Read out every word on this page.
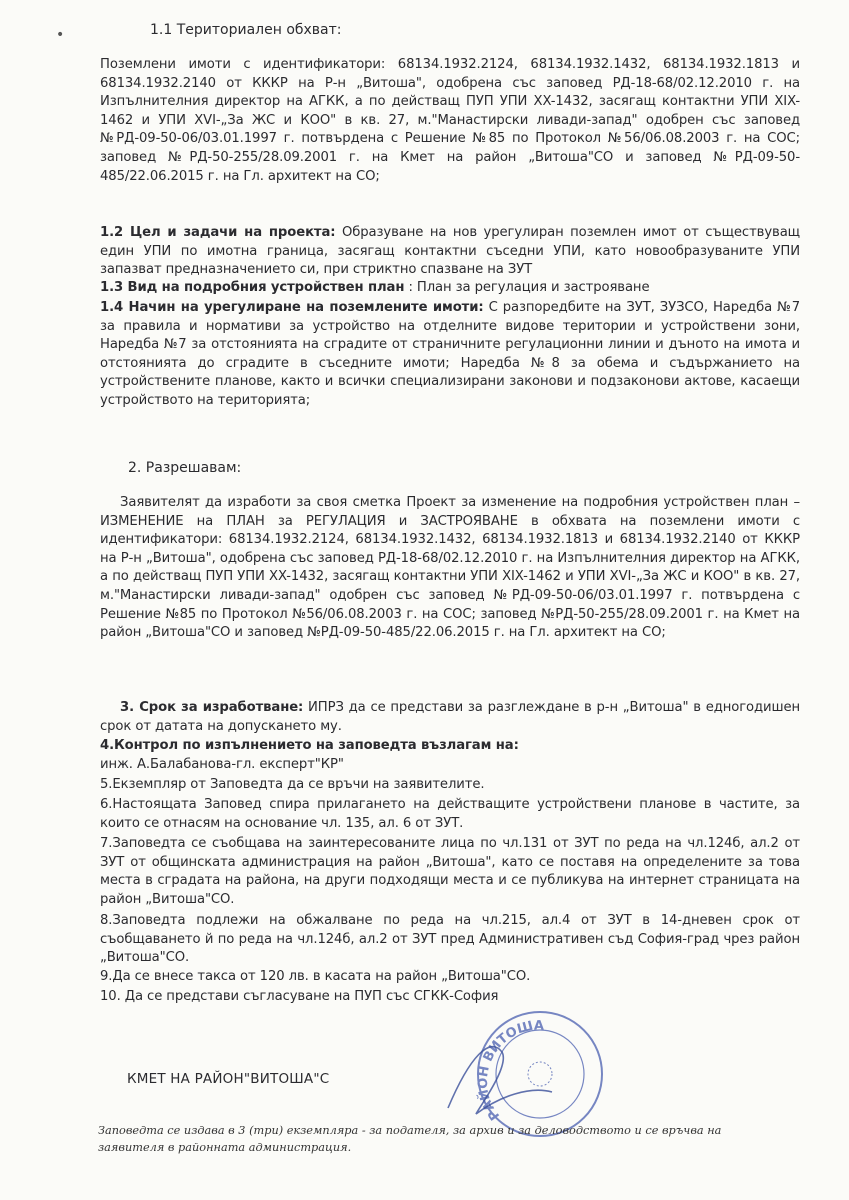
•	1.1 Териториален обхват:
Поземлени имоти с идентификатори: 68134.1932.2124, 68134.1932.1432, 68134.1932.1813 и 68134.1932.2140 от КККР на Р-н „Витоша", одобрена със заповед РД-18-68/02.12.2010 г. на Изпълнителния директор на АГКК, а по действащ ПУП УПИ XX-1432, засягащ контактни УПИ XIX-1462 и УПИ XVI-„За ЖС и КОО" в кв. 27, м."Манастирски ливади-запад" одобрен със заповед №РД-09-50-06/03.01.1997 г. потвърдена с Решение №85 по Протокол №56/06.08.2003 г. на СОС; заповед №РД-50-255/28.09.2001 г. на Кмет на район „Витоша"СО и заповед №РД-09-50-485/22.06.2015 г. на Гл. архитект на СО;
1.2 Цел и задачи на проекта: Образуване на нов урегулиран поземлен имот от съществуващ един УПИ по имотна граница, засягащ контактни съседни УПИ, като новообразуваните УПИ запазват предназначението си, при стриктно спазване на ЗУТ
1.3 Вид на подробния устройствен план : План за регулация и застрояване
1.4 Начин на урегулиране на поземлените имоти: С разпоредбите на ЗУТ, ЗУЗСО, Наредба №7 за правила и нормативи за устройство на отделните видове територии и устройствени зони, Наредба №7 за отстоянията на сградите от страничните регулационни линии и дъното на имота и отстоянията до сградите в съседните имоти; Наредба №8 за обема и съдържанието на устройствените планове, както и всички специализирани законови и подзаконови актове, касаещи устройството на територията;
2. Разрешавам:
Заявителят да изработи за своя сметка Проект за изменение на подробния устройствен план – ИЗМЕНЕНИЕ на ПЛАН за РЕГУЛАЦИЯ и ЗАСТРОЯВАНЕ в обхвата на поземлени имоти с идентификатори: 68134.1932.2124, 68134.1932.1432, 68134.1932.1813 и 68134.1932.2140 от КККР на Р-н „Витоша", одобрена със заповед РД-18-68/02.12.2010 г. на Изпълнителния директор на АГКК, а по действащ ПУП УПИ XX-1432, засягащ контактни УПИ XIX-1462 и УПИ XVI-„За ЖС и КОО" в кв. 27, м."Манастирски ливади-запад" одобрен със заповед №РД-09-50-06/03.01.1997 г. потвърдена с Решение №85 по Протокол №56/06.08.2003 г. на СОС; заповед №РД-50-255/28.09.2001 г. на Кмет на район „Витоша"СО и заповед №РД-09-50-485/22.06.2015 г. на Гл. архитект на СО;
3. Срок за изработване: ИПРЗ да се представи за разглеждане в р-н „Витоша" в едногодишен срок от датата на допускането му.
4.Контрол по изпълнението на заповедта възлагам на:
инж. А.Балабанова-гл. експерт"КР"
5.Екземпляр от Заповедта да се връчи на заявителите.
6.Настоящата Заповед спира прилагането на действащите устройствени планове в частите, за които се отнасям на основание чл. 135, ал. 6 от ЗУТ.
7.Заповедта се съобщава на заинтересованите лица по чл.131 от ЗУТ по реда на чл.124б, ал.2 от ЗУТ от общинската администрация на район „Витоша", като се поставя на определените за това места в сградата на района, на други подходящи места и се публикува на интернет страницата на район „Витоша"СО.
8.Заповедта подлежи на обжалване по реда на чл.215, ал.4 от ЗУТ в 14-дневен срок от съобщаването й по реда на чл.124б, ал.2 от ЗУТ пред Административен съд София-град чрез район „Витоша"СО.
9.Да се внесе такса от 120 лв. в касата на район „Витоша"СО.
10. Да се представи съгласуване на ПУП със СГКК-София
РАЙОН ВИТОША
КМЕТ НА РАЙОН"ВИТОША"С
Заповедта се издава в 3 (три) екземпляра - за подателя, за архив и за деловодството и се връчва на заявителя в районната администрация.
